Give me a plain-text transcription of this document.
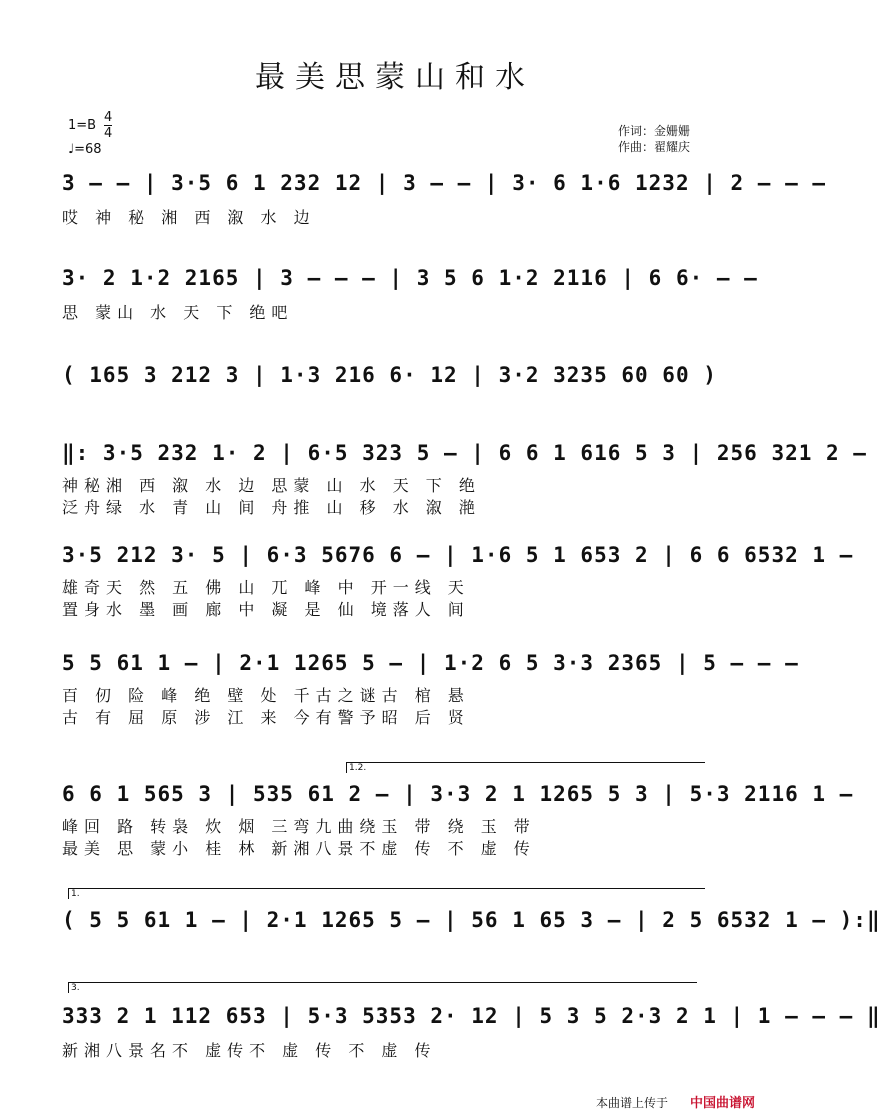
最美思蒙山和水
1=B
4
4
♩=68
作词：金姗姗
作曲：翟耀庆
3 – – | 3·5 6 1 232 12 | 3 – – | 3· 6 1·6 1232 | 2 – – –
哎 神 秘 湘 西 溆 水 边
3· 2 1·2 2165 | 3 – – – | 3 5 6 1·2 2116 | 6 6· – –
思 蒙山 水 天 下 绝吧
( 165 3 212 3 | 1·3 216 6· 12 | 3·2 3235 60 60 )
‖: 3·5 232 1· 2 | 6·5 323 5 – | 6 6 1 616 5 3 | 256 321 2 –
神秘湘 西 溆 水 边 思蒙 山 水 天 下 绝
泛舟绿 水 青 山 间 舟推 山 移 水 溆 滟
3·5 212 3· 5 | 6·3 5676 6 – | 1·6 5 1 653 2 | 6 6 6532 1 –
雄奇天 然 五 佛 山 兀 峰 中 开一线 天
置身水 墨 画 廊 中 凝 是 仙 境落人 间
5 5 61 1 – | 2·1 1265 5 – | 1·2 6 5 3·3 2365 | 5 – – –
百 仞 险 峰 绝 壁 处 千古之谜古 棺 悬
古 有 屈 原 涉 江 来 今有警予昭 后 贤
1.2.
6 6 1 565 3 | 535 61 2 – | 3·3 2 1 1265 5 3 | 5·3 2116 1 –
峰回 路 转袅 炊 烟 三弯九曲绕玉 带 绕 玉 带
最美 思 蒙小 桂 林 新湘八景不虚 传 不 虚 传
1.
( 5 5 61 1 – | 2·1 1265 5 – | 56 1 65 3 – | 2 5 6532 1 – ):‖
3.
333 2 1 112 653 | 5·3 5353 2· 12 | 5 3 5 2·3 2 1 | 1 – – – ‖
新湘八景名不 虚传不 虚 传 不 虚 传
本曲谱上传于 中国曲谱网
